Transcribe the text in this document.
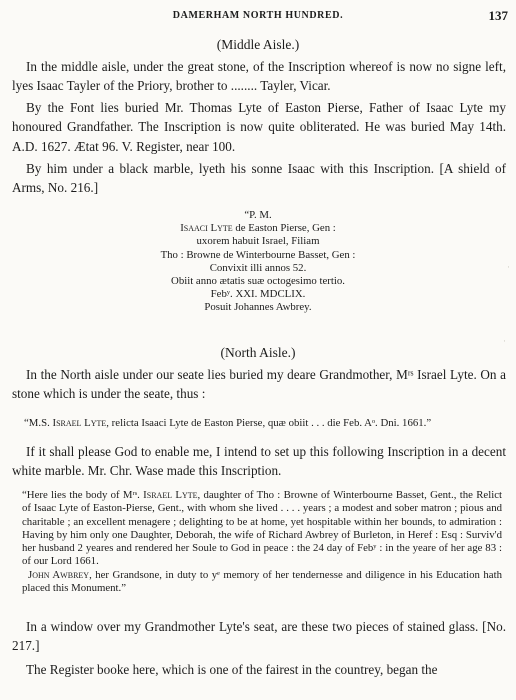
DAMERHAM NORTH HUNDRED.	137
(Middle Aisle.)

In the middle aisle, under the great stone, of the Inscription whereof is now no signe left, lyes Isaac Tayler of the Priory, brother to ........ Tayler, Vicar.

By the Font lies buried Mr. Thomas Lyte of Easton Pierse, Father of Isaac Lyte my honoured Grandfather. The Inscription is now quite obliterated. He was buried May 14th. A.D. 1627. Ætat 96. V. Register, near 100.

By him under a black marble, lyeth his sonne Isaac with this Inscription. [A shield of Arms, No. 216.]

“P. M.
Isaaci Lyte de Easton Pierse, Gen :
uxorem habuit Israel, Filiam
Tho : Browne de Winterbourne Basset, Gen :
Convixit illi annos 52.
Obiit anno ætatis suæ octogesimo tertio.
Febʸ. XXI. MDCLIX.
Posuit Johannes Awbrey.
(North Aisle.)

In the North aisle under our seate lies buried my deare Grandmother, Mʳˢ Israel Lyte. On a stone which is under the seate, thus :

“M.S. Israel Lyte, relicta Isaaci Lyte de Easton Pierse, quæ obiit . . . die Feb. Aᵒ. Dni. 1661.”

If it shall please God to enable me, I intend to set up this following Inscription in a decent white marble. Mr. Chr. Wase made this Inscription.

“Here lies the body of Mʳˢ. Israel Lyte, daughter of Tho : Browne of Winterbourne Basset, Gent., the Relict of Isaac Lyte of Easton-Pierse, Gent., with whom she lived . . . . years ; a modest and sober matron ; pious and charitable ; an excellent menagere ; delighting to be at home, yet hospitable within her bounds, to admiration : Having by him only one Daughter, Deborah, the wife of Richard Awbrey of Burleton, in Heref : Esq : Surviv'd her husband 2 yeares and rendered her Soule to God in peace : the 24 day of Febʸ : in the yeare of her age 83 : of our Lord 1661.

John Awbrey, her Grandsone, in duty to yᵉ memory of her tendernesse and diligence in his Education hath placed this Monument.”

In a window over my Grandmother Lyte's seat, are these two pieces of stained glass. [No. 217.]

The Register booke here, which is one of the fairest in the countrey, began the

·
·
